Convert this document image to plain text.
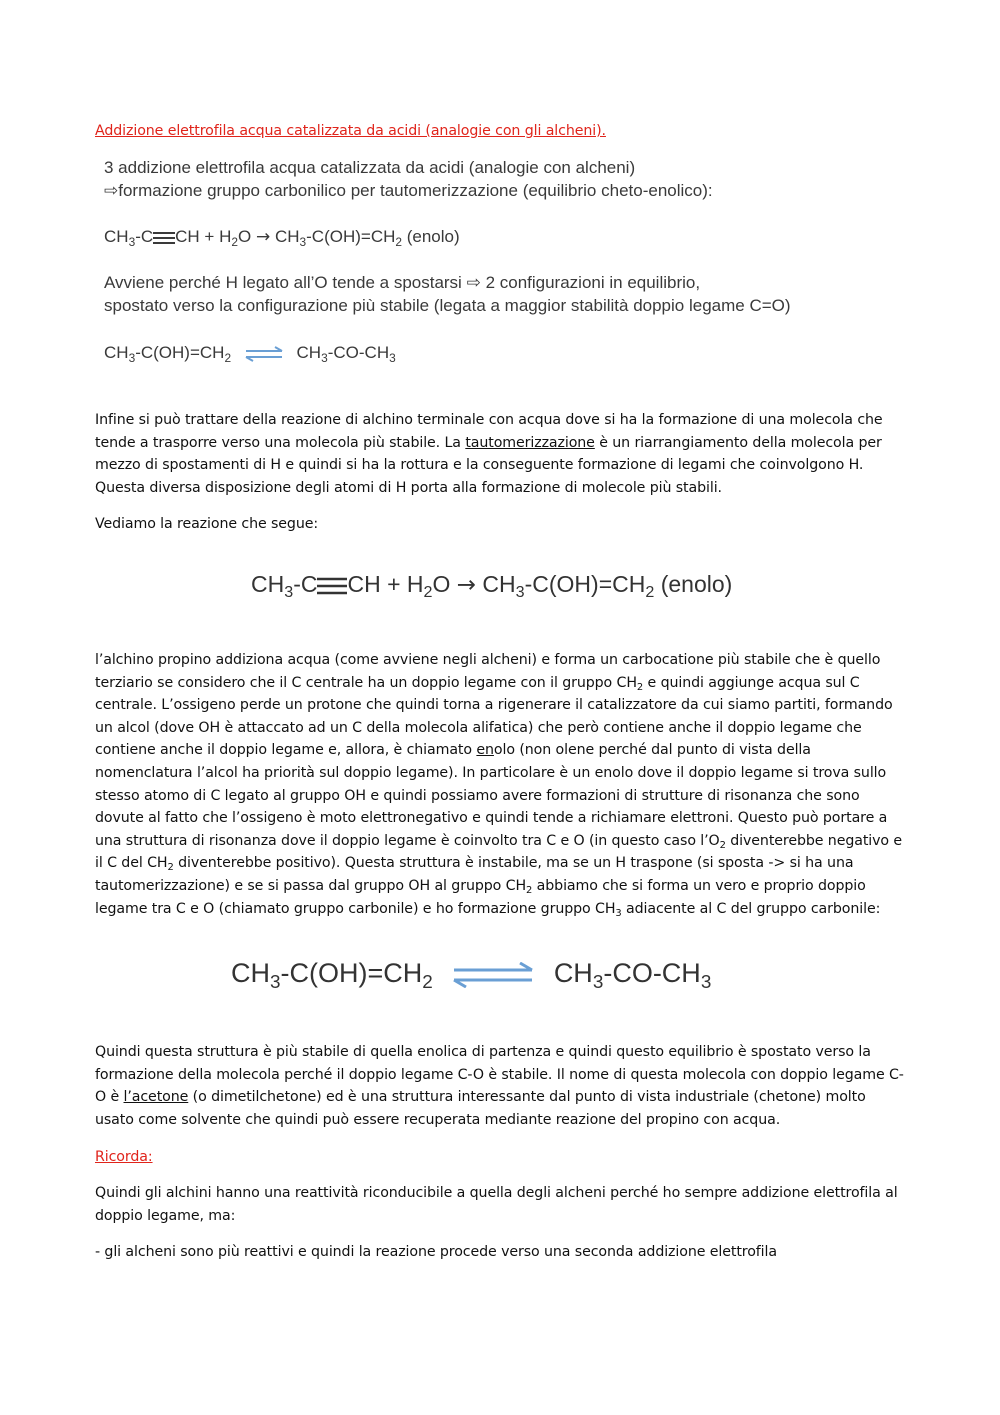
Addizione elettrofila acqua catalizzata da acidi (analogie con gli alcheni).

3 addizione elettrofila acqua catalizzata da acidi (analogie con alcheni)
⇨formazione gruppo carbonilico per tautomerizzazione (equilibrio cheto-enolico):
$CH_3-C$ CH + $H_2O \to CH_3-C(OH)=CH_2$ (enolo)
Avviene perché H legato all’O tende a spostarsi ⇨ 2 configurazioni in equilibrio,
spostato verso la configurazione più stabile (legata a maggior stabilità doppio legame C=O)
$CH_3-C(OH)=CH_2$ ⇌ $CH_3-CO-CH_3$

Infine si può trattare della reazione di alchino terminale con acqua dove si ha la formazione di una molecola che tende a trasporre verso una molecola più stabile. La tautomerizzazione è un riarrangiamento della molecola per mezzo di spostamenti di H e quindi si ha la rottura e la conseguente formazione di legami che coinvolgono H. Questa diversa disposizione degli atomi di H porta alla formazione di molecole più stabili.

Vediamo la reazione che segue:

$CH_3-C$ CH + $H_2O \to CH_3-C(OH)=CH_2$ (enolo)

l’alchino propino addiziona acqua (come avviene negli alcheni) e forma un carbocatione più stabile che è quello terziario se considero che il C centrale ha un doppio legame con il gruppo $CH_2$ e quindi aggiunge acqua sul C centrale. L’ossigeno perde un protone che quindi torna a rigenerare il catalizzatore da cui siamo partiti, formando un alcol (dove OH è attaccato ad un C della molecola alifatica) che però contiene anche il doppio legame che contiene anche il doppio legame e, allora, è chiamato enolo (non olene perché dal punto di vista della nomenclatura l’alcol ha priorità sul doppio legame). In particolare è un enolo dove il doppio legame si trova sullo stesso atomo di C legato al gruppo OH e quindi possiamo avere formazioni di strutture di risonanza che sono dovute al fatto che l’ossigeno è moto elettronegativo e quindi tende a richiamare elettroni. Questo può portare a una struttura di risonanza dove il doppio legame è coinvolto tra C e O (in questo caso $l’O_2$ diventerebbe negativo e il C del $CH_2$ diventerebbe positivo). Questa struttura è instabile, ma se un H traspone (si sposta -> si ha una tautomerizzazione) e se si passa dal gruppo OH al gruppo $CH_2$ abbiamo che si forma un vero e proprio doppio legame tra C e O (chiamato gruppo carbonile) e ho formazione gruppo $CH_3$ adiacente al C del gruppo carbonile:

$CH_3-C(OH)=CH_2$ ⇌ $CH_3-CO-CH_3$

Quindi questa struttura è più stabile di quella enolica di partenza e quindi questo equilibrio è spostato verso la formazione della molecola perché il doppio legame C-O è stabile. Il nome di questa molecola con doppio legame C-O è l’acetone (o dimetilchetone) ed è una struttura interessante dal punto di vista industriale (chetone) molto usato come solvente che quindi può essere recuperata mediante reazione del propino con acqua.

Ricorda:

Quindi gli alchini hanno una reattività riconducibile a quella degli alcheni perché ho sempre addizione elettrofila al doppio legame, ma:

- gli alcheni sono più reattivi e quindi la reazione procede verso una seconda addizione elettrofila
